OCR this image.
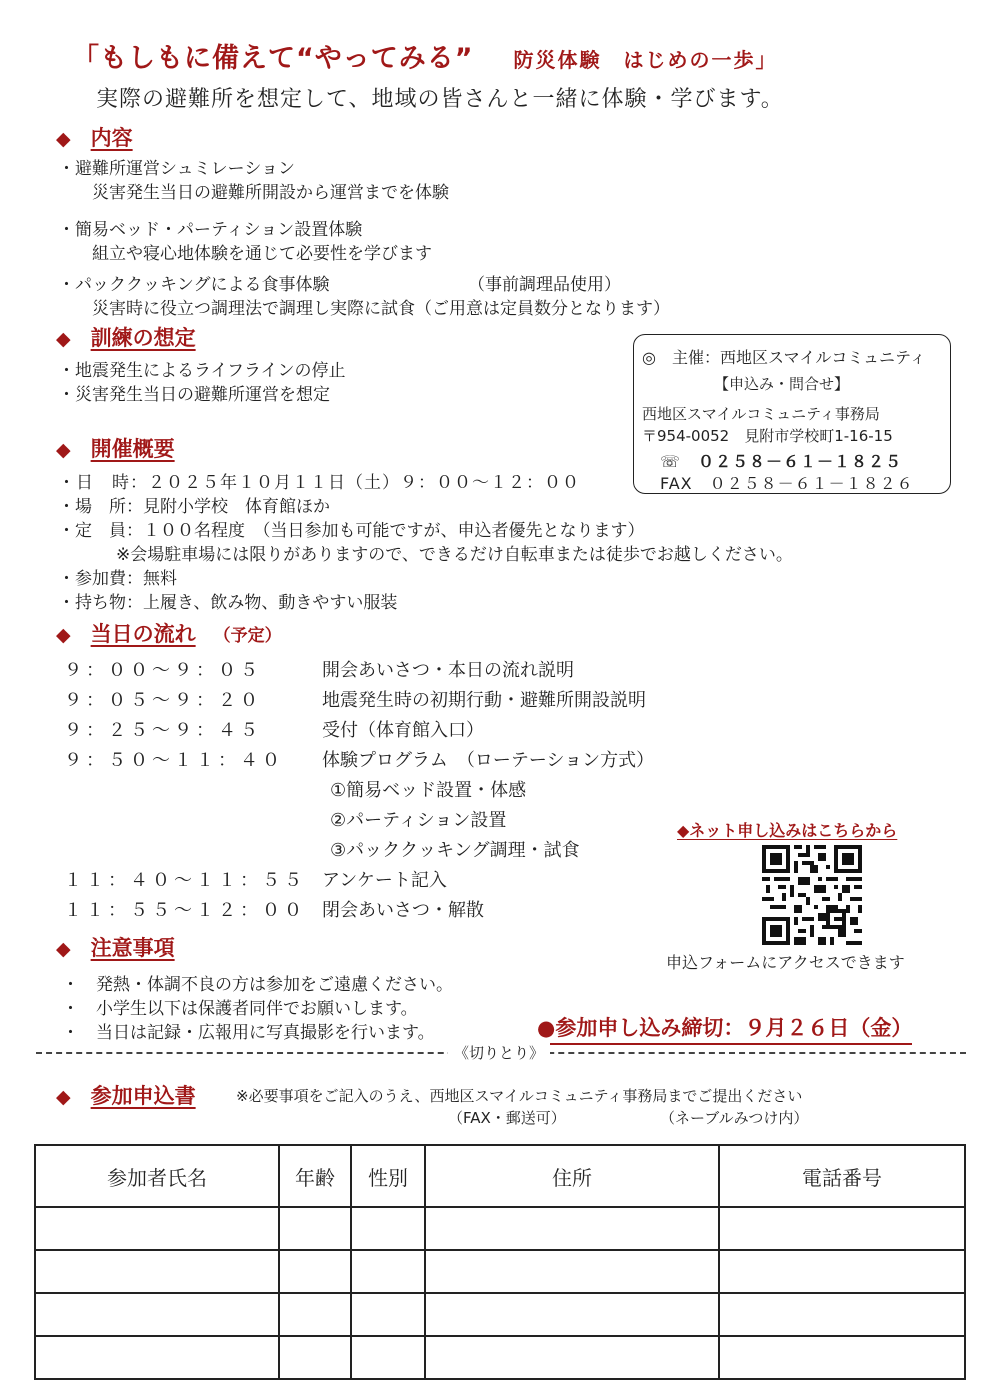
「もしもに備えて“やってみる” 防災体験　はじめの一歩」
実際の避難所を想定して、地域の皆さんと一緒に体験・学びます。
◆ 内容
・避難所運営シュミレーション
災害発生当日の避難所開設から運営までを体験
・簡易ベッド・パーティション設置体験
組立や寝心地体験を通じて必要性を学びます
・パッククッキングによる食事体験	（事前調理品使用）
災害時に役立つ調理法で調理し実際に試食（ご用意は定員数分となります）
◆ 訓練の想定
・地震発生によるライフラインの停止
・災害発生当日の避難所運営を想定
◎　主催：西地区スマイルコミュニティ
【申込み・問合せ】
西地区スマイルコミュニティ事務局
〒954-0052　見附市学校町1-16-15
☏　０２５８－６１－１８２５
FAX　０２５８－６１－１８２６
◆ 開催概要
・日　時：２０２５年１０月１１日（土）９：００～１２：００
・場　所：見附小学校　体育館ほか
・定　員：１００名程度　（当日参加も可能ですが、申込者優先となります）
※会場駐車場には限りがありますので、できるだけ自転車または徒歩でお越しください。
・参加費：無料
・持ち物：上履き、飲み物、動きやすい服装
◆ 当日の流れ （予定）
９：００～９：０５	開会あいさつ・本日の流れ説明
９：０５～９：２０	地震発生時の初期行動・避難所開設説明
９：２５～９：４５	受付（体育館入口）
９：５０～１１：４０ 体験プログラム　（ローテーション方式）
①簡易ベッド設置・体感
②パーティション設置
③パッククッキング調理・試食
１１：４０～１１：５５ アンケート記入
１１：５５～１２：００ 閉会あいさつ・解散
◆ネット申し込みはこちらから
申込フォームにアクセスできます
◆ 注意事項
・　発熱・体調不良の方は参加をご遠慮ください。
・　小学生以下は保護者同伴でお願いします。
・　当日は記録・広報用に写真撮影を行います。	●参加申し込み締切：９月２６日（金）
《切りとり》
◆ 参加申込書	※必要事項をご記入のうえ、西地区スマイルコミュニティ事務局までご提出ください
（FAX・郵送可）	（ネーブルみつけ内）
参加者氏名	年齢	性別	住所	電話番号
